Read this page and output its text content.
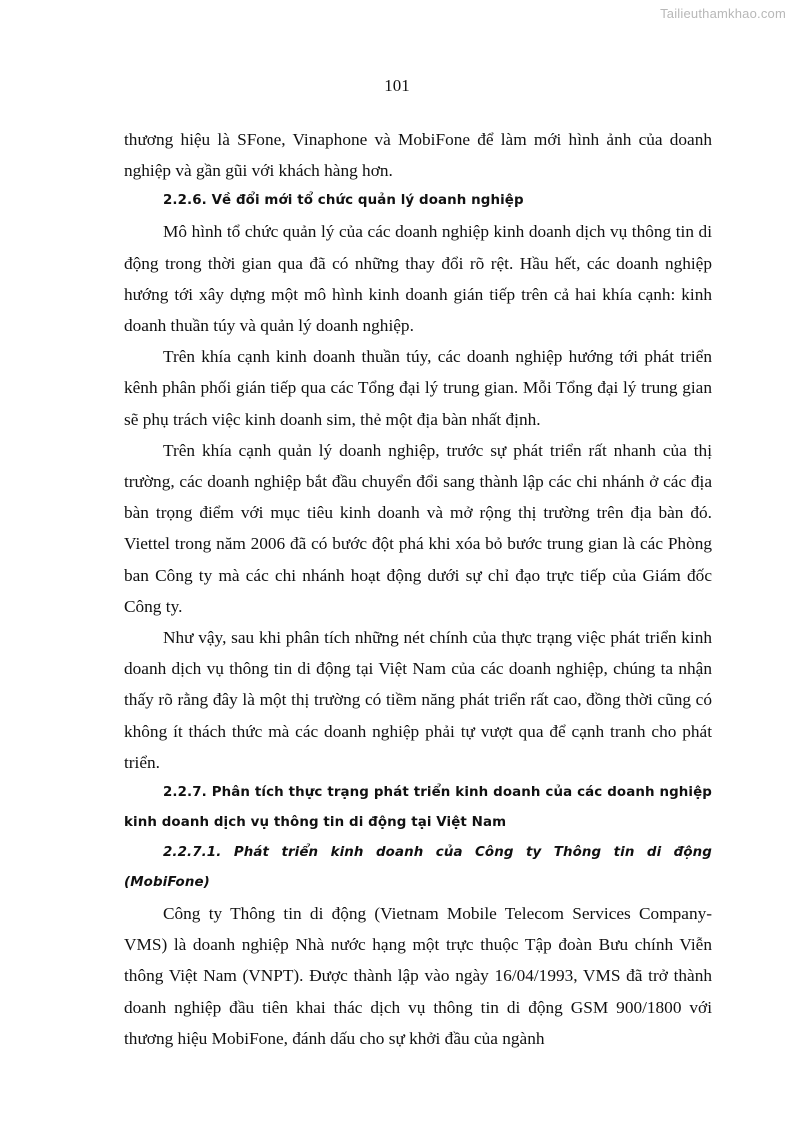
Tailieuthamkhao.com
101

thương hiệu là SFone, Vinaphone và MobiFone để làm mới hình ảnh của doanh nghiệp và gần gũi với khách hàng hơn.

2.2.6. Về đổi mới tổ chức quản lý doanh nghiệp

Mô hình tổ chức quản lý của các doanh nghiệp kinh doanh dịch vụ thông tin di động trong thời gian qua đã có những thay đổi rõ rệt. Hầu hết, các doanh nghiệp hướng tới xây dựng một mô hình kinh doanh gián tiếp trên cả hai khía cạnh: kinh doanh thuần túy và quản lý doanh nghiệp.

Trên khía cạnh kinh doanh thuần túy, các doanh nghiệp hướng tới phát triển kênh phân phối gián tiếp qua các Tổng đại lý trung gian. Mỗi Tổng đại lý trung gian sẽ phụ trách việc kinh doanh sim, thẻ một địa bàn nhất định.

Trên khía cạnh quản lý doanh nghiệp, trước sự phát triển rất nhanh của thị trường, các doanh nghiệp bắt đầu chuyển đổi sang thành lập các chi nhánh ở các địa bàn trọng điểm với mục tiêu kinh doanh và mở rộng thị trường trên địa bàn đó. Viettel trong năm 2006 đã có bước đột phá khi xóa bỏ bước trung gian là các Phòng ban Công ty mà các chi nhánh hoạt động dưới sự chỉ đạo trực tiếp của Giám đốc Công ty.

Như vậy, sau khi phân tích những nét chính của thực trạng việc phát triển kinh doanh dịch vụ thông tin di động tại Việt Nam của các doanh nghiệp, chúng ta nhận thấy rõ rằng đây là một thị trường có tiềm năng phát triển rất cao, đồng thời cũng có không ít thách thức mà các doanh nghiệp phải tự vượt qua để cạnh tranh cho phát triển.

2.2.7. Phân tích thực trạng phát triển kinh doanh của các doanh nghiệp kinh doanh dịch vụ thông tin di động tại Việt Nam

2.2.7.1. Phát triển kinh doanh của Công ty Thông tin di động (MobiFone)

Công ty Thông tin di động (Vietnam Mobile Telecom Services Company-VMS) là doanh nghiệp Nhà nước hạng một trực thuộc Tập đoàn Bưu chính Viễn thông Việt Nam (VNPT). Được thành lập vào ngày 16/04/1993, VMS đã trở thành doanh nghiệp đầu tiên khai thác dịch vụ thông tin di động GSM 900/1800 với thương hiệu MobiFone, đánh dấu cho sự khởi đầu của ngành
